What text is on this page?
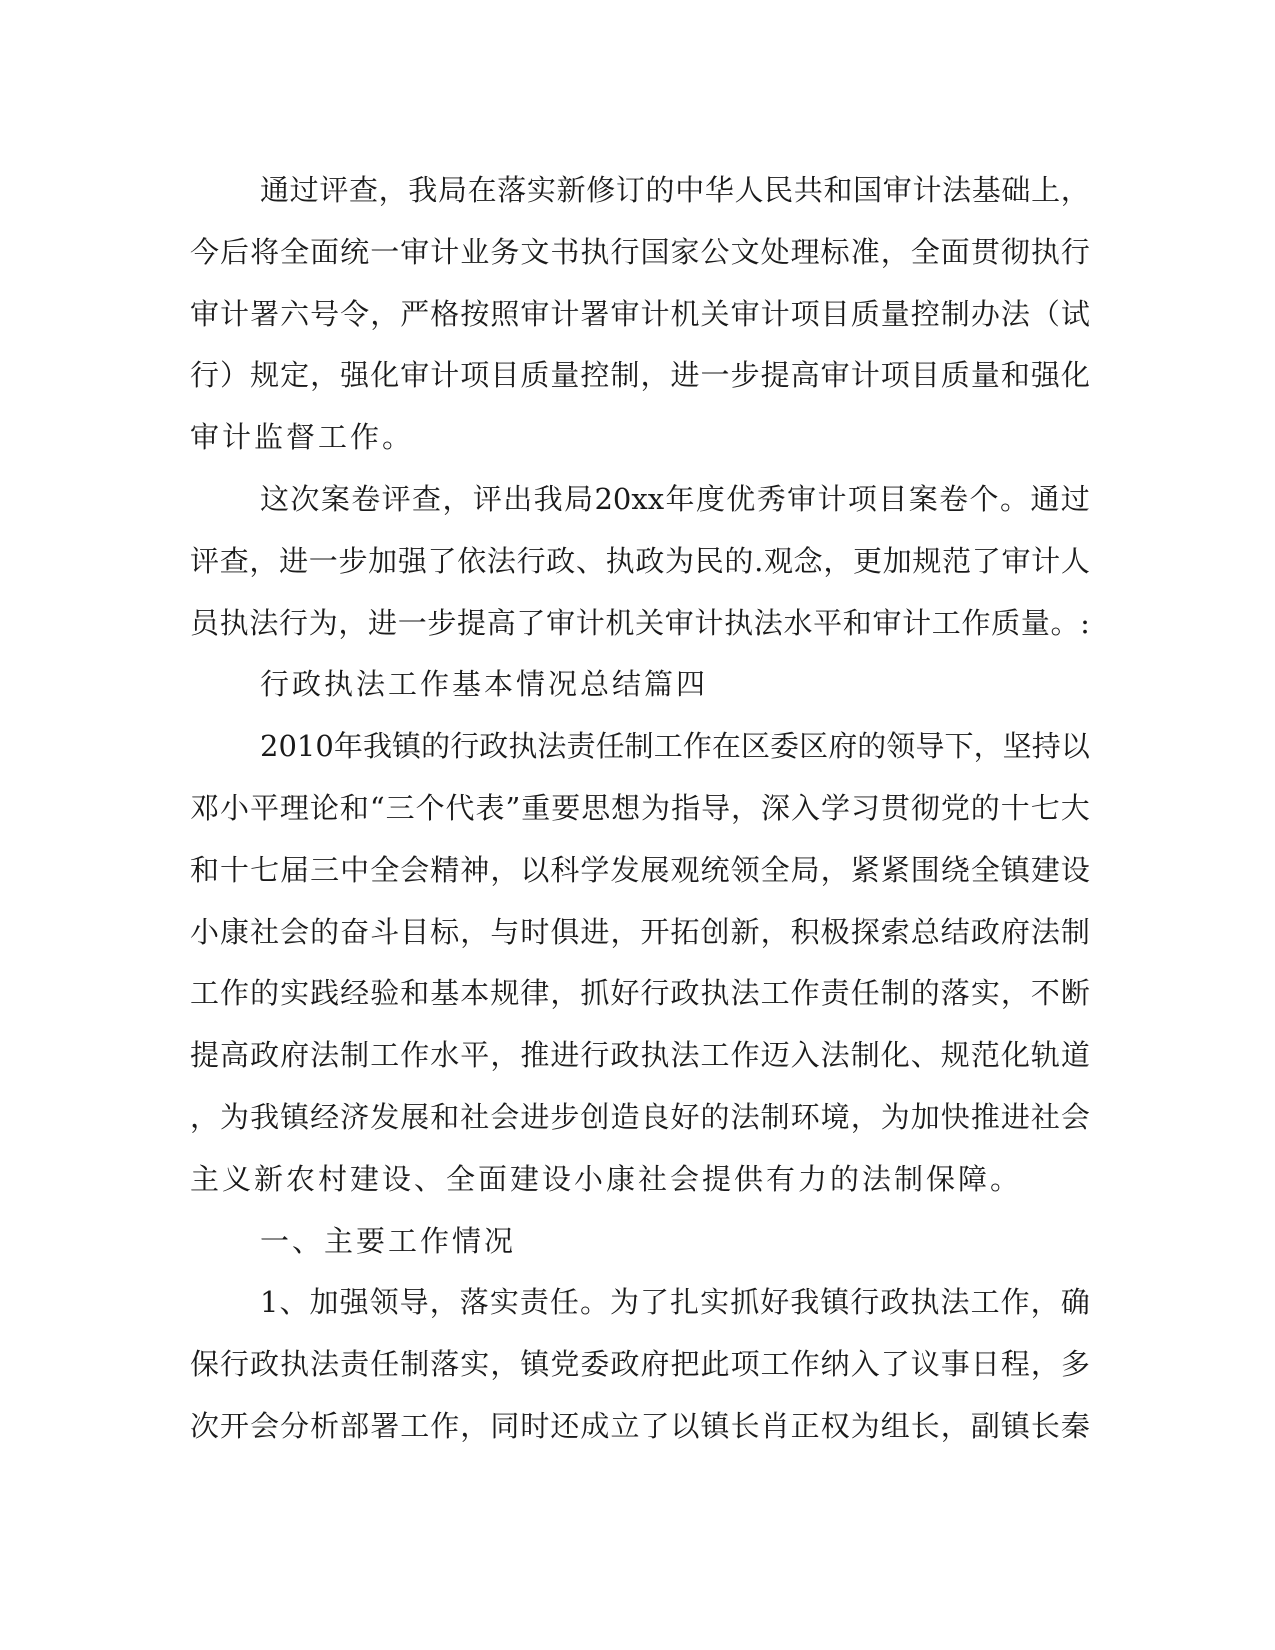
通 过 评 查 ， 我 局 在 落 实 新 修 订 的 中 华 人 民 共 和 国 审 计 法 基 础 上 ，
今 后 将 全 面 统 一 审 计 业 务 文 书 执 行 国 家 公 文 处 理 标 准 ， 全 面 贯 彻 执 行
审 计 署 六 号 令 ， 严 格 按 照 审 计 署 审 计 机 关 审 计 项 目 质 量 控 制 办 法 （ 试
行 ） 规 定 ， 强 化 审 计 项 目 质 量 控 制 ， 进 一 步 提 高 审 计 项 目 质 量 和 强 化
审计监督工作。
这 次 案 卷 评 查 ， 评 出 我 局 20xx 年 度 优 秀 审 计 项 目 案 卷 个 。 通 过
评 查 ， 进 一 步 加 强 了 依 法 行 政 、 执 政 为 民 的 . 观 念 ， 更 加 规 范 了 审 计 人
员 执 法 行 为 ， 进 一 步 提 高 了 审 计 机 关 审 计 执 法 水 平 和 审 计 工 作 质 量 。 :
行政执法工作基本情况总结篇四
2010 年 我 镇 的 行 政 执 法 责 任 制 工 作 在 区 委 区 府 的 领 导 下 ， 坚 持 以
邓 小 平 理 论 和 “ 三 个 代 表 ” 重 要 思 想 为 指 导 ， 深 入 学 习 贯 彻 党 的 十 七 大
和 十 七 届 三 中 全 会 精 神 ， 以 科 学 发 展 观 统 领 全 局 ， 紧 紧 围 绕 全 镇 建 设
小 康 社 会 的 奋 斗 目 标 ， 与 时 俱 进 ， 开 拓 创 新 ， 积 极 探 索 总 结 政 府 法 制
工 作 的 实 践 经 验 和 基 本 规 律 ， 抓 好 行 政 执 法 工 作 责 任 制 的 落 实 ， 不 断
提 高 政 府 法 制 工 作 水 平 ， 推 进 行 政 执 法 工 作 迈 入 法 制 化 、 规 范 化 轨 道
， 为 我 镇 经 济 发 展 和 社 会 进 步 创 造 良 好 的 法 制 环 境 ， 为 加 快 推 进 社 会
主义新农村建设、全面建设小康社会提供有力的法制保障。
一、主要工作情况
1 、 加 强 领 导 ， 落 实 责 任 。 为 了 扎 实 抓 好 我 镇 行 政 执 法 工 作 ， 确
保 行 政 执 法 责 任 制 落 实 ， 镇 党 委 政 府 把 此 项 工 作 纳 入 了 议 事 日 程 ， 多
次 开 会 分 析 部 署 工 作 ， 同 时 还 成 立 了 以 镇 长 肖 正 权 为 组 长 ， 副 镇 长 秦
